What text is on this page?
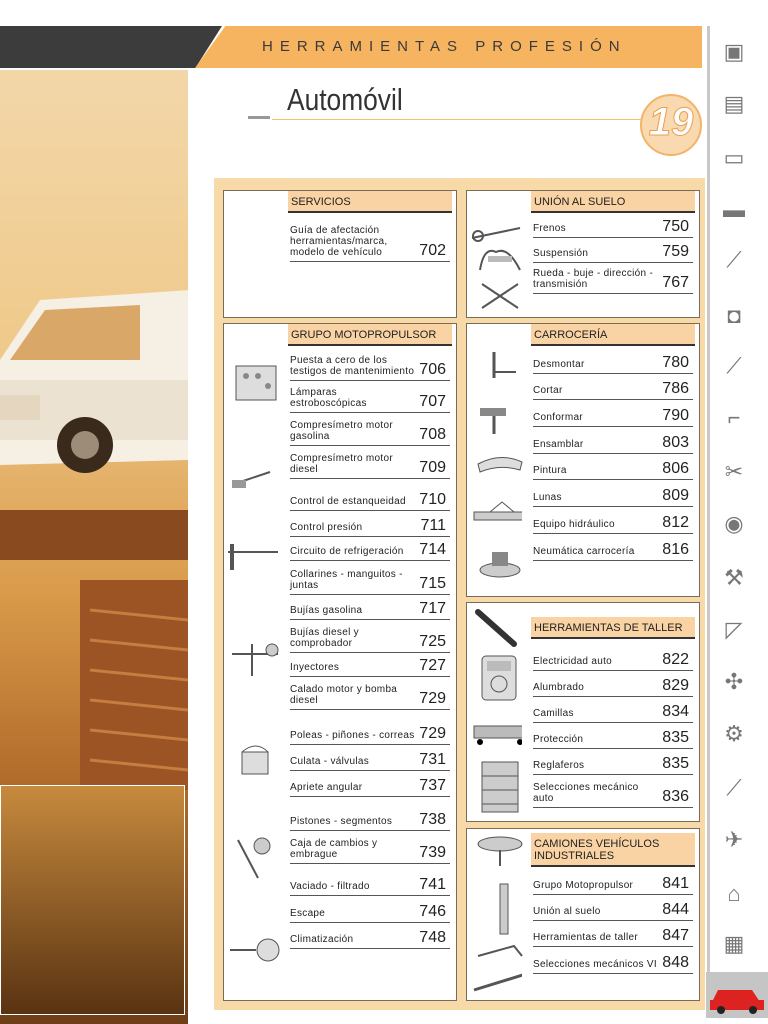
HERRAMIENTAS PROFESIÓN
Automóvil
19
▣
▤
▭
▬
⟋
◘
⟋
⌐
✂
◉
⚒
◸
✣
⚙
⟋
✈
⌂
▦
SERVICIOS
Guía de afectación herramientas/marca, modelo de vehículo	702
UNIÓN AL SUELO
Frenos	750
Suspensión	759
Rueda - buje - dirección - transmisión	767
GRUPO MOTOPROPULSOR
Puesta a cero de los testigos de mantenimiento 706
Lámparas estroboscópicas	707
Compresímetro motor gasolina	708
Compresímetro motor diesel	709
Control de estanqueidad 710
Control presión	711
Circuito de refrigeración 714
Collarines - manguitos - juntas	715
Bujías gasolina	717
Bujías diesel y comprobador	725
Inyectores	727
Calado motor y bomba diesel	729
Poleas - piñones - correas 729
Culata - válvulas	731
Apriete angular	737
Pistones - segmentos	738
Caja de cambios y embrague	739
Vaciado - filtrado	741
Escape	746
Climatización	748
CARROCERÍA
Desmontar	780
Cortar	786
Conformar	790
Ensamblar	803
Pintura	806
Lunas	809
Equipo hidráulico	812
Neumática carrocería	816
HERRAMIENTAS DE TALLER
Electricidad auto	822
Alumbrado	829
Camillas	834
Protección	835
Reglaferos	835
Selecciones mecánico auto	836
CAMIONES VEHÍCULOS INDUSTRIALES
Grupo Motopropulsor	841
Unión al suelo	844
Herramientas de taller	847
Selecciones mecánicos VI 848
